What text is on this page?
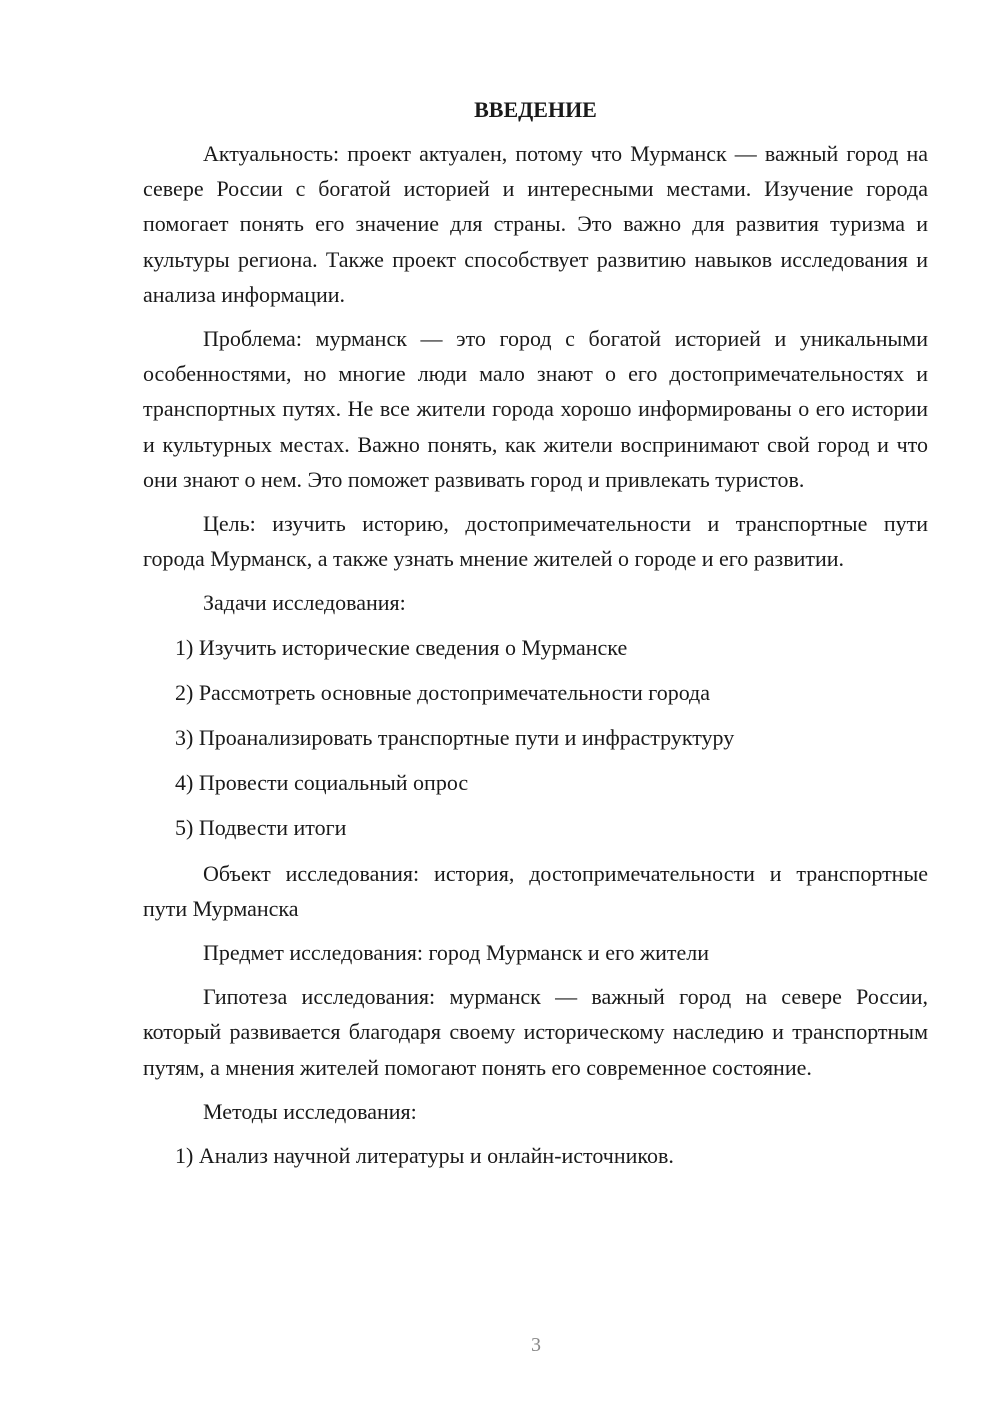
ВВЕДЕНИЕ

Актуальность: проект актуален, потому что Мурманск — важный город на севере России с богатой историей и интересными местами. Изучение города помогает понять его значение для страны. Это важно для развития туризма и культуры региона. Также проект способствует развитию навыков исследования и анализа информации.

Проблема: мурманск — это город с богатой историей и уникальными особенностями, но многие люди мало знают о его достопримечательностях и транспортных путях. Не все жители города хорошо информированы о его истории и культурных местах. Важно понять, как жители воспринимают свой город и что они знают о нем. Это поможет развивать город и привлекать туристов.

Цель: изучить историю, достопримечательности и транспортные пути города Мурманск, а также узнать мнение жителей о городе и его развитии.

Задачи исследования:

1) Изучить исторические сведения о Мурманске
2) Рассмотреть основные достопримечательности города
3) Проанализировать транспортные пути и инфраструктуру
4) Провести социальный опрос
5) Подвести итоги

Объект исследования: история, достопримечательности и транспортные пути Мурманска

Предмет исследования: город Мурманск и его жители

Гипотеза исследования: мурманск — важный город на севере России, который развивается благодаря своему историческому наследию и транспортным путям, а мнения жителей помогают понять его современное состояние.

Методы исследования:

1) Анализ научной литературы и онлайн-источников.
3
